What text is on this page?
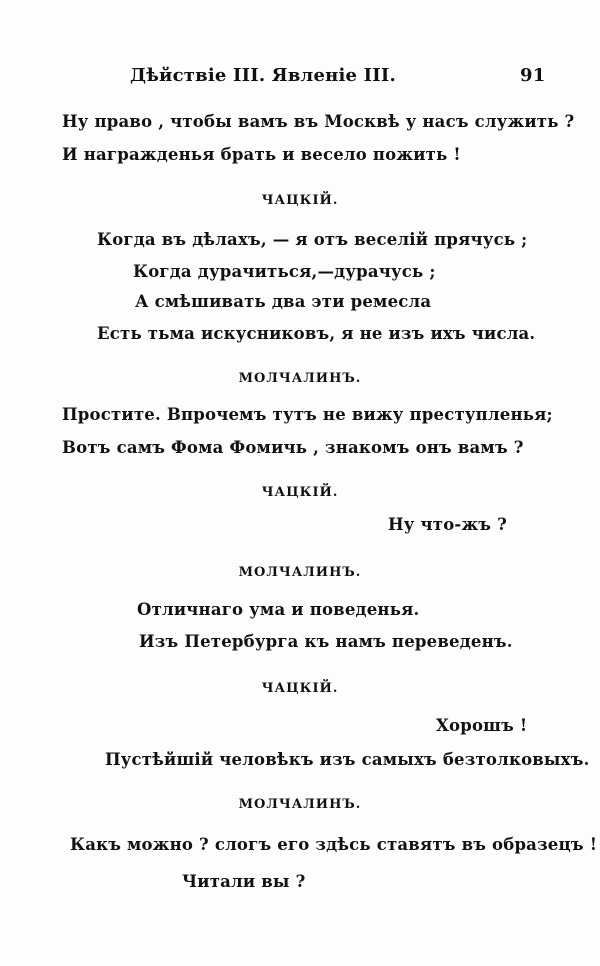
Дѣйствіе III. Явленіе III.	91
Ну право , чтобы вамъ въ Москвѣ у насъ служить ?
И награжденья брать и весело пожить !
ЧАЦКІЙ.
Когда въ дѣлахъ, — я отъ веселій прячусь ;
Когда дурачиться,—дурачусь ;
А смѣшивать два эти ремесла
Есть тьма искусниковъ, я не изъ ихъ числа.
МОЛЧАЛИНЪ.
Простите. Впрочемъ тутъ не вижу преступленья;
Вотъ самъ Фома Фомичь , знакомъ онъ вамъ ?
ЧАЦКІЙ.
Ну что-жъ ?
МОЛЧАЛИНЪ.
Отличнаго ума и поведенья.
Изъ Петербурга къ намъ переведенъ.
ЧАЦКІЙ.
Хорошъ !
Пустѣйшій человѣкъ изъ самыхъ безтолковыхъ.
МОЛЧАЛИНЪ.
Какъ можно ? слогъ его здѣсь ставятъ въ образецъ !
Читали вы ?
